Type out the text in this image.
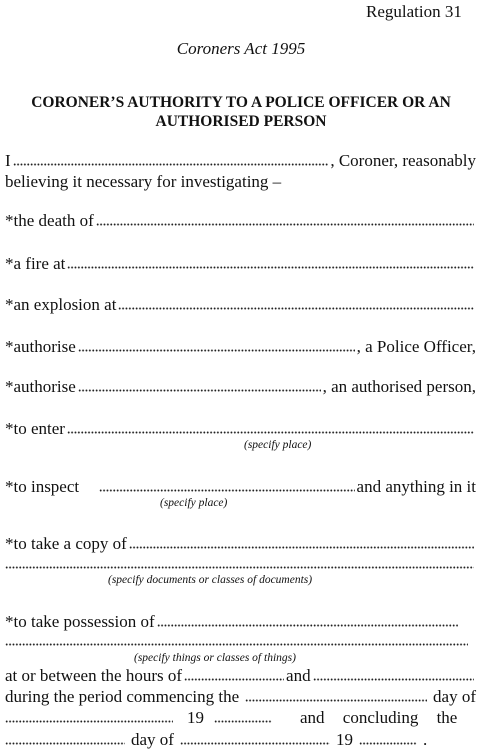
Regulation 31
Coroners Act 1995
CORONER’S AUTHORITY TO A POLICE OFFICER OR AN
AUTHORISED PERSON
I	, Coroner, reasonably
believing it necessary for investigating –
*the death of
*a fire at
*an explosion at
*authorise	, a Police Officer,
*authorise	, an authorised person,
*to enter
(specify place)
*to inspect	and anything in it
(specify place)
*to take a copy of
(specify documents or classes of documents)
*to take possession of
(specify things or classes of things)
at or between the hours of	and
during the period commencing the	day of
19	and concluding the
day of	19	.
